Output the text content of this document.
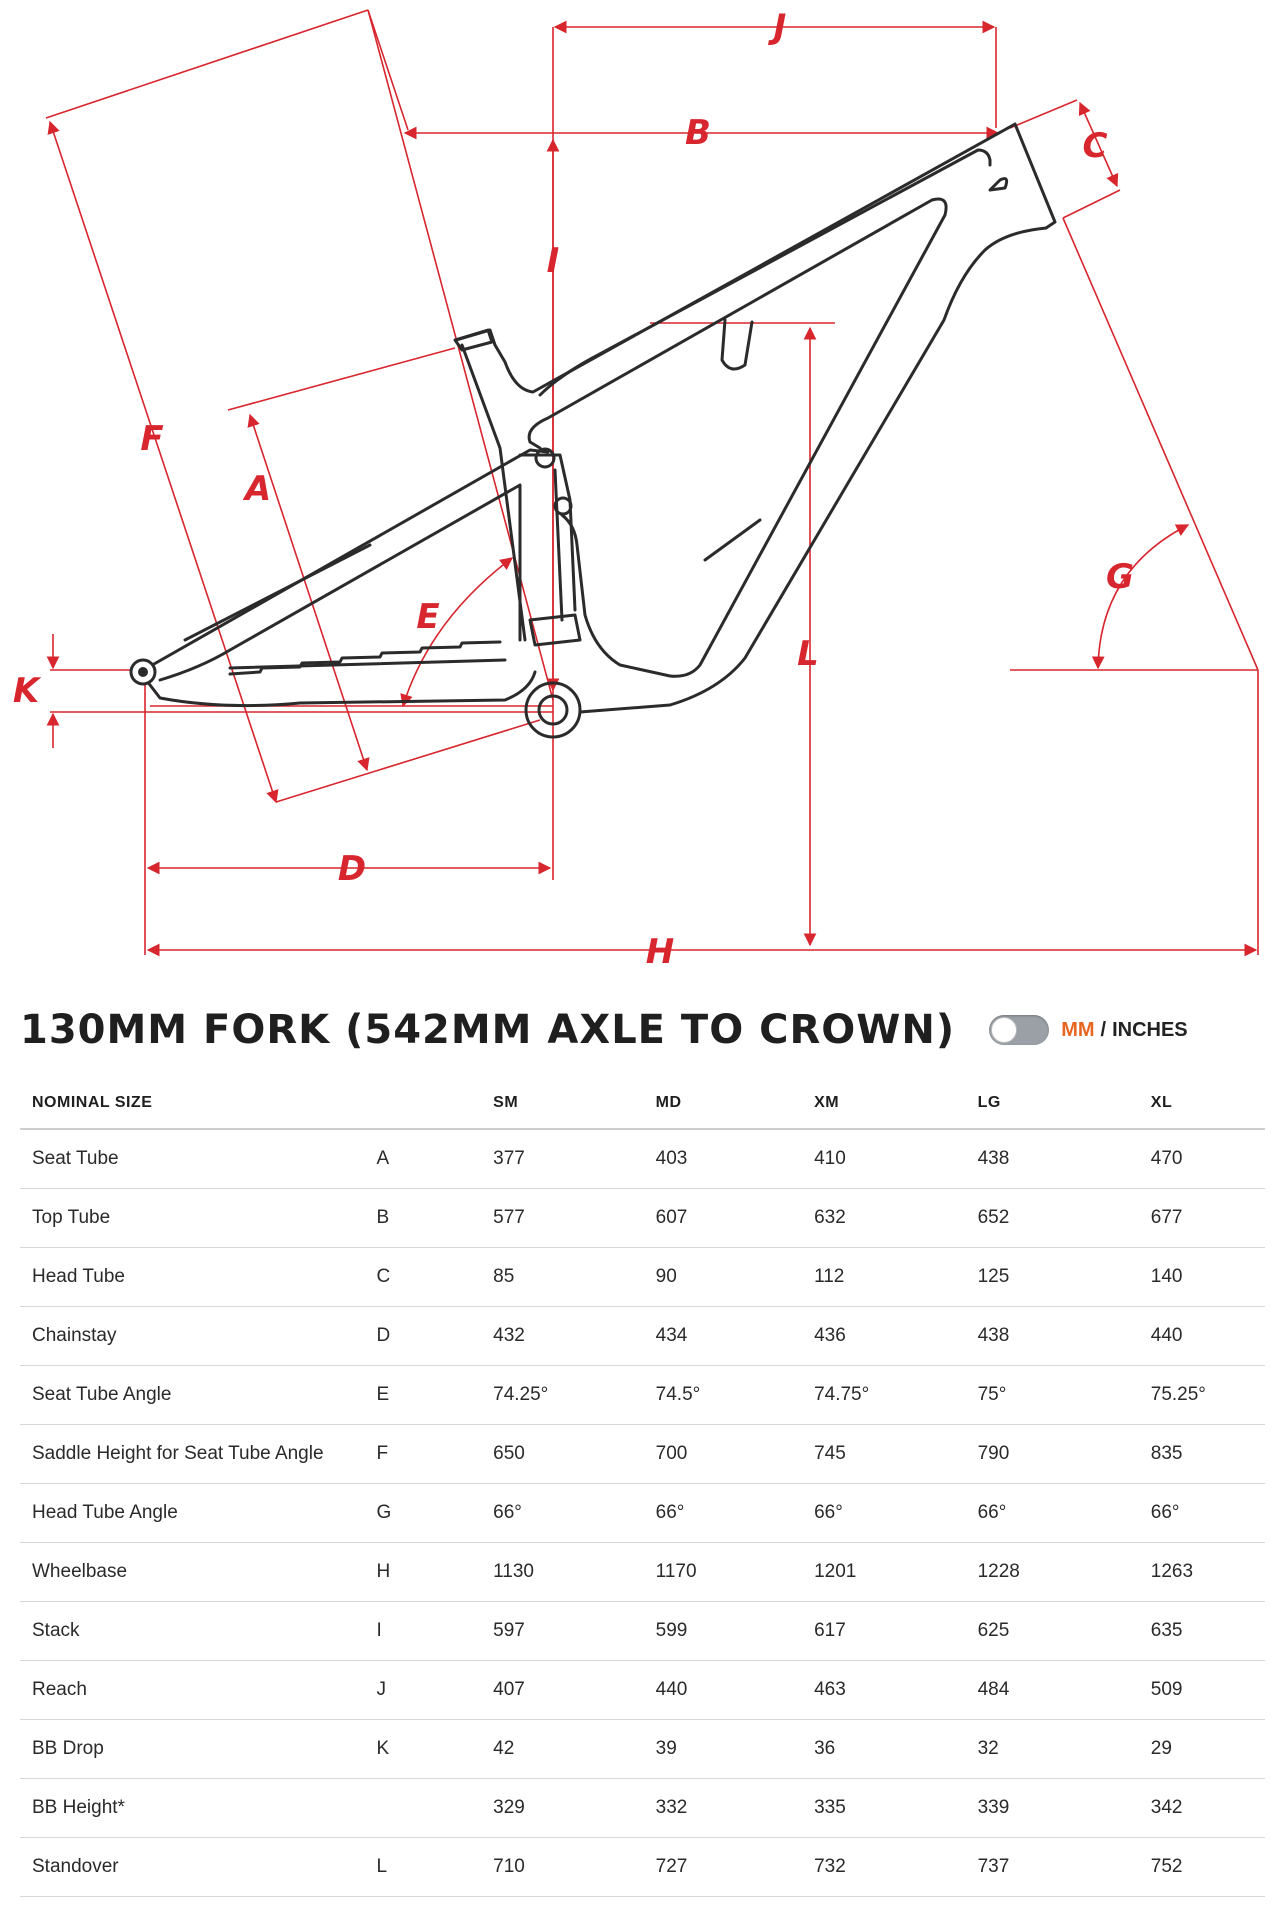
A
B	C
D
E
F
G
H
I
J
K
L
130MM FORK (542MM AXLE TO CROWN)	MM / INCHES
NOMINAL SIZE		SM	MD	XM	LG	XL
Seat Tube	A	377	403	410	438	470
Top Tube	B	577	607	632	652	677
Head Tube	C	85	90	112	125	140
Chainstay	D	432	434	436	438	440
Seat Tube Angle	E	74.25°	74.5°	74.75°	75°	75.25°
Saddle Height for Seat Tube Angle	F	650	700	745	790	835
Head Tube Angle	G	66°	66°	66°	66°	66°
Wheelbase	H	1130	1170	1201	1228	1263
Stack	I	597	599	617	625	635
Reach	J	407	440	463	484	509
BB Drop	K	42	39	36	32	29
BB Height*		329	332	335	339	342
Standover	L	710	727	732	737	752
